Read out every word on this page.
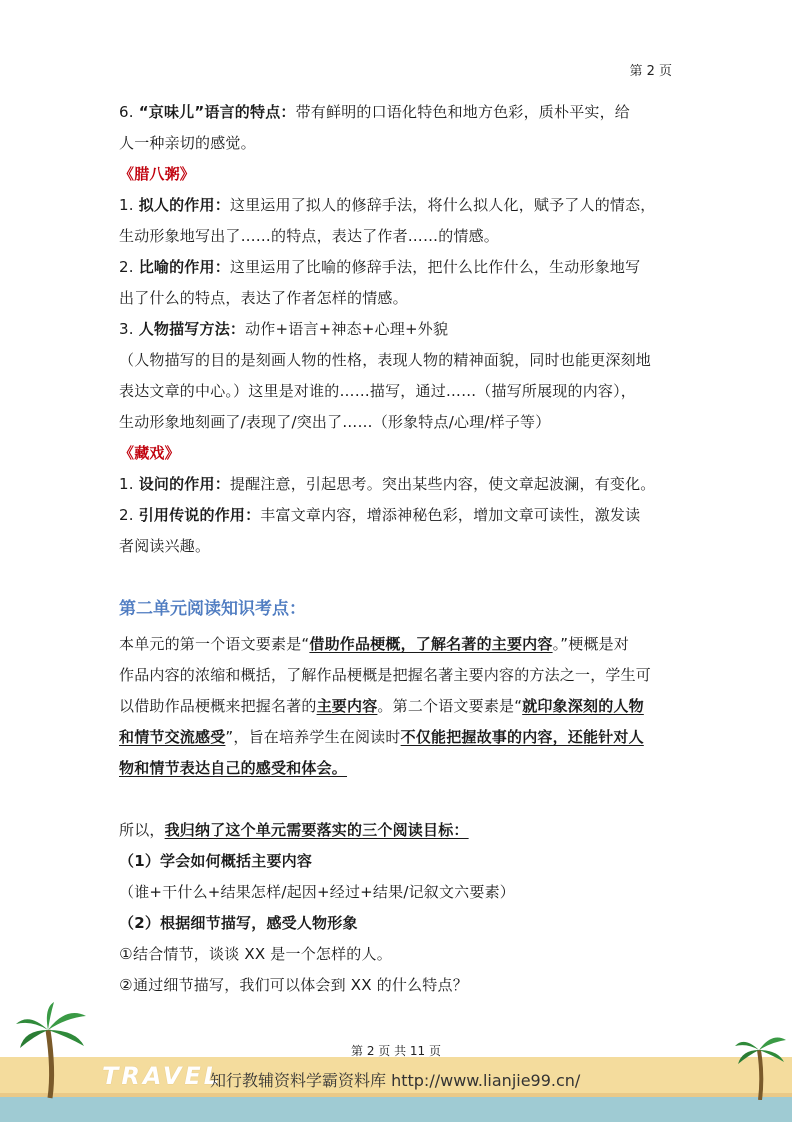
第 2 页
6. “京味儿”语言的特点：带有鲜明的口语化特色和地方色彩，质朴平实，给
人一种亲切的感觉。
《腊八粥》
1. 拟人的作用：这里运用了拟人的修辞手法，将什么拟人化，赋予了人的情态，
生动形象地写出了……的特点，表达了作者……的情感。
2. 比喻的作用：这里运用了比喻的修辞手法，把什么比作什么，生动形象地写
出了什么的特点，表达了作者怎样的情感。
3. 人物描写方法：动作+语言+神态+心理+外貌
（人物描写的目的是刻画人物的性格，表现人物的精神面貌，同时也能更深刻地
表达文章的中心。）这里是对谁的……描写，通过……（描写所展现的内容），
生动形象地刻画了/表现了/突出了……（形象特点/心理/样子等）
《藏戏》
1. 设问的作用：提醒注意，引起思考。突出某些内容，使文章起波澜，有变化。
2. 引用传说的作用：丰富文章内容，增添神秘色彩，增加文章可读性，激发读
者阅读兴趣。
第二单元阅读知识考点：
本单元的第一个语文要素是“借助作品梗概，了解名著的主要内容。”梗概是对
作品内容的浓缩和概括，了解作品梗概是把握名著主要内容的方法之一，学生可
以借助作品梗概来把握名著的主要内容。第二个语文要素是“就印象深刻的人物
和情节交流感受”，旨在培养学生在阅读时不仅能把握故事的内容，还能针对人
物和情节表达自己的感受和体会。
所以，我归纳了这个单元需要落实的三个阅读目标：
（1）学会如何概括主要内容
（谁+干什么+结果怎样/起因+经过+结果/记叙文六要素）
（2）根据细节描写，感受人物形象
①结合情节，谈谈 XX 是一个怎样的人。
②通过细节描写，我们可以体会到 XX 的什么特点？
第 2 页 共 11 页
TRAVEL
知行教辅资料学霸资料库 http://www.lianjie99.cn/
